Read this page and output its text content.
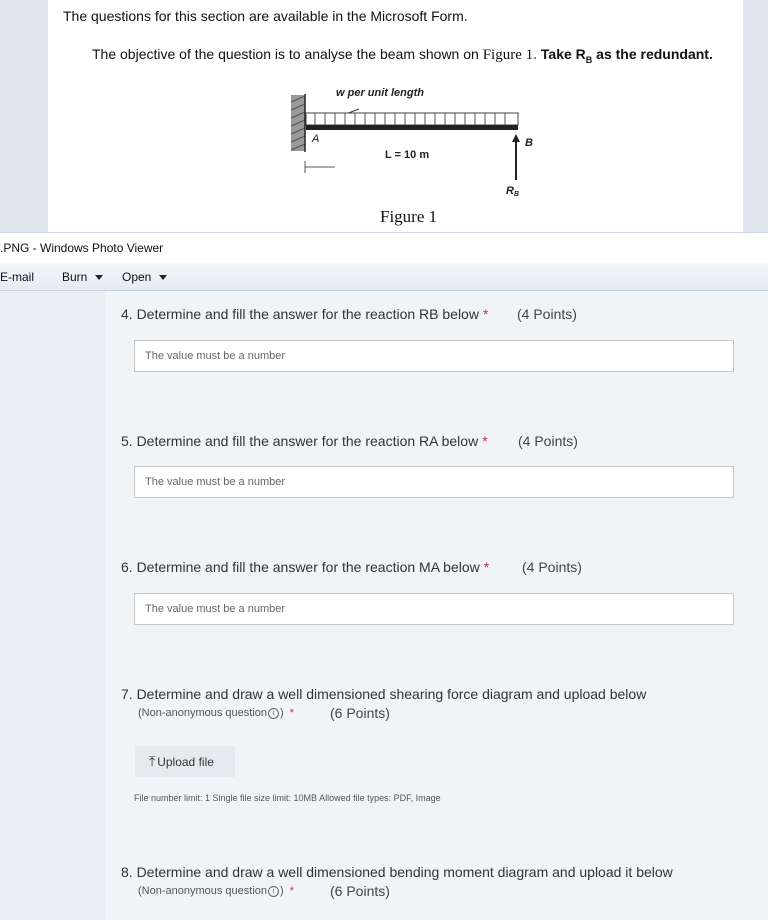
The questions for this section are available in the Microsoft Form.
The objective of the question is to analyse the beam shown on Figure 1. Take $R_B$ as the redundant.
w per unit length
A	B
L = 10 m
RB
Figure 1
.PNG - Windows Photo Viewer
E-mail Burn	Open
4. Determine and fill the answer for the reaction RB below * (4 Points)
The value must be a number
5. Determine and fill the answer for the reaction RA below * (4 Points)
The value must be a number
6. Determine and fill the answer for the reaction MA below * (4 Points)
The value must be a number
7. Determine and draw a well dimensioned shearing force diagram and upload below
(Non-anonymous question i ) *	(6 Points)
⤒ Upload file
File number limit: 1 Single file size limit: 10MB Allowed file types: PDF, Image
8. Determine and draw a well dimensioned bending moment diagram and upload it below
(Non-anonymous question i ) *	(6 Points)
